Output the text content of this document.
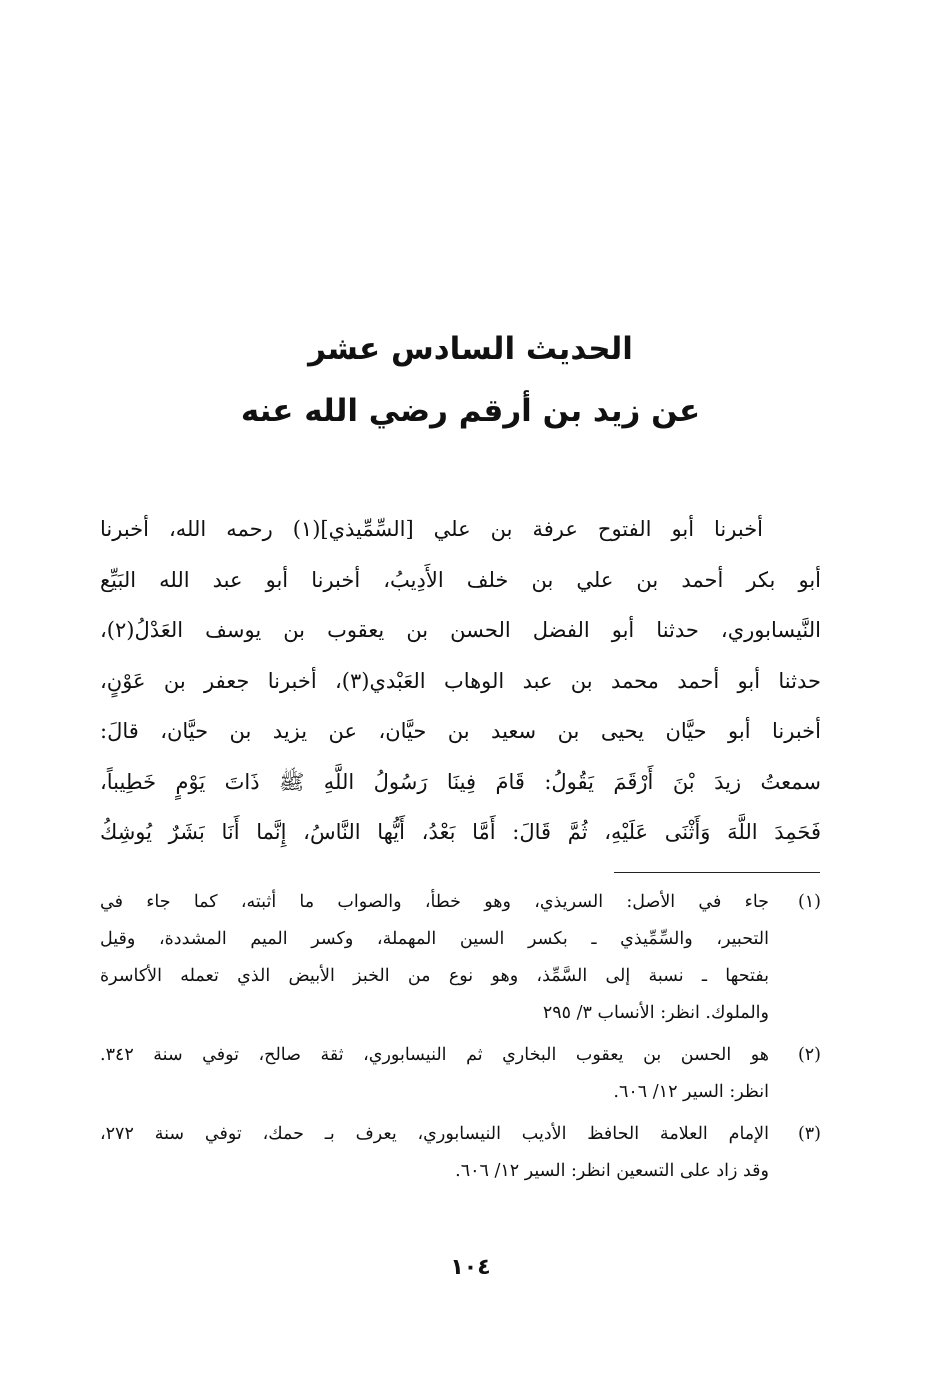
الحديث السادس عشر
عن زيد بن أرقم رضي الله عنه
أخبرنا أبو الفتوح عرفة بن علي [السِّمِّيذي](١) رحمه الله، أخبرنا
أبو بكر أحمد بن علي بن خلف الأَدِيبُ، أخبرنا أبو عبد الله البَيِّع
النَّيسابوري، حدثنا أبو الفضل الحسن بن يعقوب بن يوسف العَدْلُ(٢)،
حدثنا أبو أحمد محمد بن عبد الوهاب العَبْدي(٣)، أخبرنا جعفر بن عَوْنٍ،
أخبرنا أبو حيَّان يحيى بن سعيد بن حيَّان، عن يزيد بن حيَّان، قالَ:
سمعتُ زيدَ بْنَ أَرْقَمَ يَقُولُ: قَامَ فِينَا رَسُولُ اللَّهِ ﷺ ذَاتَ يَوْمٍ خَطِيباً،
فَحَمِدَ اللَّهَ وَأَثْنَى عَلَيْهِ، ثُمَّ قَالَ: أَمَّا بَعْدُ، أَيُّها النَّاسُ، إِنَّما أَنَا بَشَرٌ يُوشِكُ
(١)
جاء في الأصل: السريذي، وهو خطأ، والصواب ما أثبته، كما جاء في
التحبير، والسِّمِّيذي ـ بكسر السين المهملة، وكسر الميم المشددة، وقيل
بفتحها ـ نسبة إلى السَّمِّذ، وهو نوع من الخبز الأبيض الذي تعمله الأكاسرة
والملوك. انظر: الأنساب ٣/ ٢٩٥
(٢)
هو الحسن بن يعقوب البخاري ثم النيسابوري، ثقة صالح، توفي سنة ٣٤٢.
انظر: السير ١٢/ ٦٠٦.
(٣)
الإمام العلامة الحافظ الأديب النيسابوري، يعرف بـ حمك، توفي سنة ٢٧٢،
وقد زاد على التسعين انظر: السير ١٢/ ٦٠٦.
١٠٤
